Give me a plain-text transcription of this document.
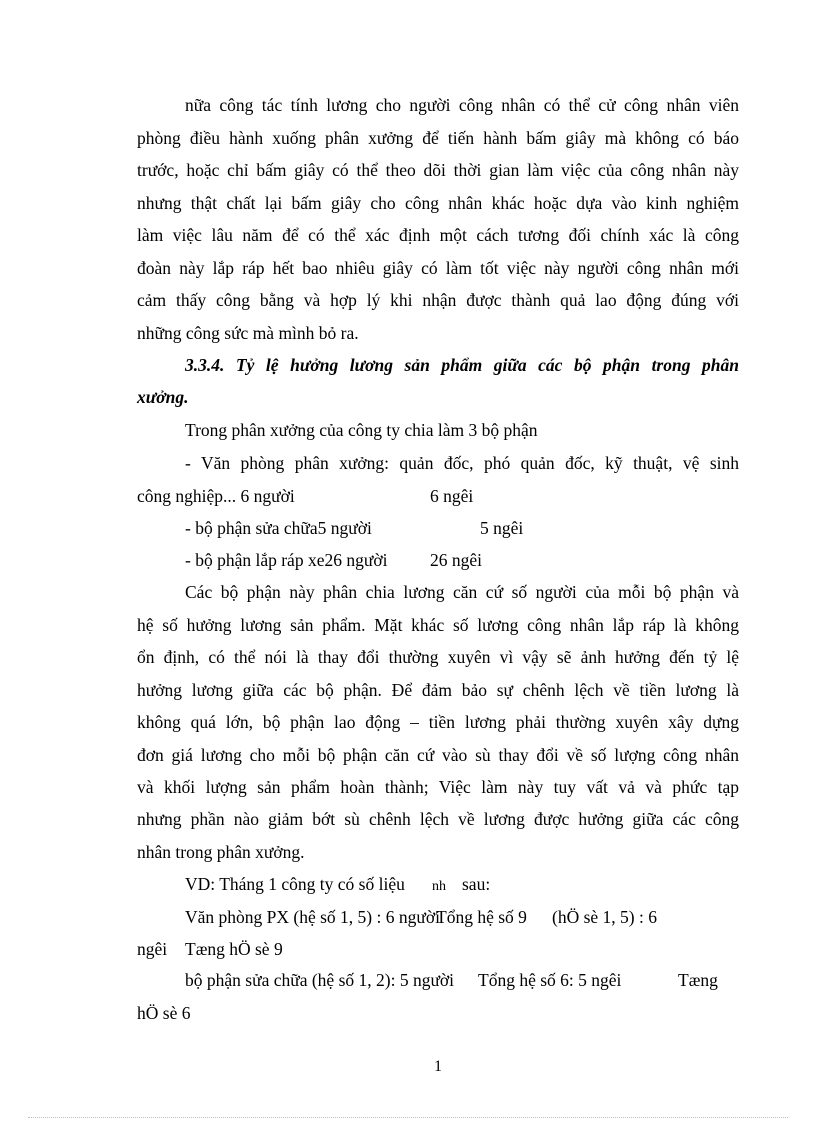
nữa công tác tính lương cho người công nhân có thể cử công nhân viên
phòng điều hành xuống phân xưởng để tiến hành bấm giây mà không có báo
trước, hoặc chỉ bấm giây có thể theo dõi thời gian làm việc của công nhân này
nhưng thật chất lại bấm giây cho công nhân khác hoặc dựa vào kinh nghiệm
làm việc lâu năm để có thể xác định một cách tương đối chính xác là công
đoàn này lắp ráp hết bao nhiêu giây có làm tốt việc này người công nhân mới
cảm thấy công bằng và hợp lý khi nhận được thành quả lao động đúng với
những công sức mà mình bỏ ra.
3.3.4. Tỷ lệ hưởng lương sản phẩm giữa các bộ phận trong phân
xưởng.
Trong phân xưởng của công ty chia làm 3 bộ phận
- Văn phòng phân xưởng: quản đốc, phó quản đốc, kỹ thuật, vệ sinh
công nghiệp... 6 người	6 ngêi
- bộ phận sửa chữa5 người	5 ngêi
- bộ phận lắp ráp xe26 người 26 ngêi
Các bộ phận này phân chia lương căn cứ số người của mỗi bộ phận và
hệ số hưởng lương sản phẩm. Mặt khác số lương công nhân lắp ráp là không
ổn định, có thể nói là thay đổi thường xuyên vì vậy sẽ ảnh hưởng đến tỷ lệ
hưởng lương giữa các bộ phận. Để đảm bảo sự chênh lệch về tiền lương là
không quá lớn, bộ phận lao động – tiền lương phải thường xuyên xây dựng
đơn giá lương cho mỗi bộ phận căn cứ vào sù thay đổi về số lượng công nhân
và khối lượng sản phẩm hoàn thành; Việc làm này tuy vất vả và phức tạp
nhưng phần nào giảm bớt sù chênh lệch về lương được hưởng giữa các công
nhân trong phân xưởng.
VD: Tháng 1 công ty có số liệu nh sau:
Văn phòng PX (hệ số 1, 5) : 6 người
Tổng hệ số 9 (hÖ sè 1, 5) : 6
ngêi Tæng hÖ sè 9
bộ phận sửa chữa (hệ số 1, 2): 5 người Tổng hệ số 6: 5 ngêi	Tæng
hÖ sè 6
1
